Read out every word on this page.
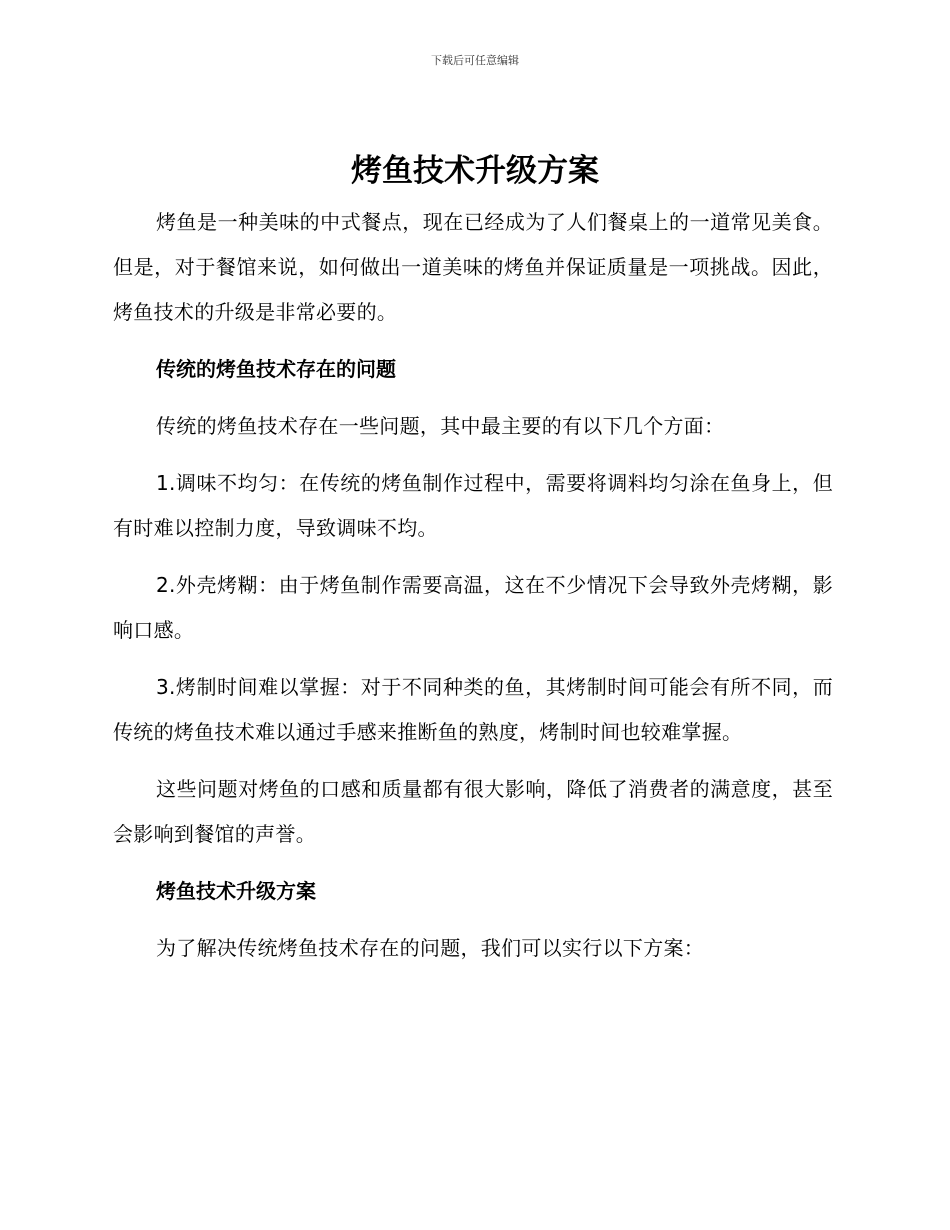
下载后可任意编辑
烤鱼技术升级方案

烤鱼是一种美味的中式餐点，现在已经成为了人们餐桌上的一道常见美食。 但是，对于餐馆来说，如何做出一道美味的烤鱼并保证质量是一项挑战。因此，烤鱼技术的升级是非常必要的。

传统的烤鱼技术存在的问题

传统的烤鱼技术存在一些问题，其中最主要的有以下几个方面：

1.调味不均匀：在传统的烤鱼制作过程中，需要将调料均匀涂在鱼身上，但有时难以控制力度，导致调味不均。

2.外壳烤糊：由于烤鱼制作需要高温，这在不少情况下会导致外壳烤糊，影响口感。

3.烤制时间难以掌握：对于不同种类的鱼，其烤制时间可能会有所不同，而传统的烤鱼技术难以通过手感来推断鱼的熟度，烤制时间也较难掌握。

这些问题对烤鱼的口感和质量都有很大影响，降低了消费者的满意度，甚至会影响到餐馆的声誉。

烤鱼技术升级方案

为了解决传统烤鱼技术存在的问题，我们可以实行以下方案：
